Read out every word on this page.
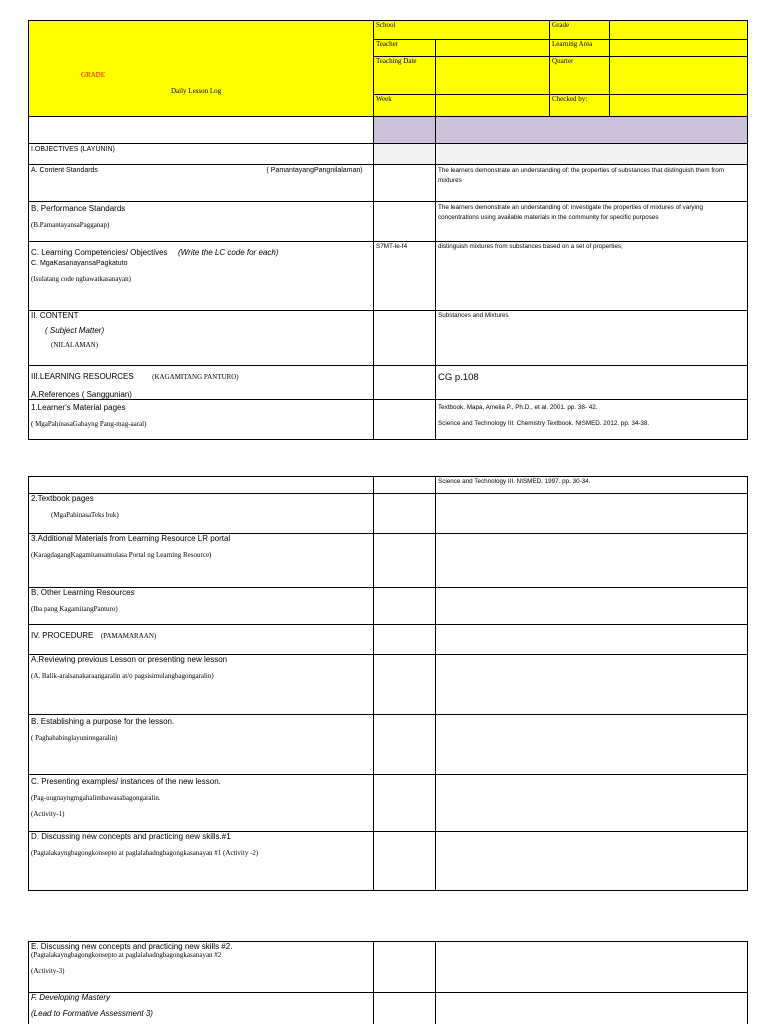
GRADE
Daily Lesson Log	School		Grade	
	Teacher		Learning Area	
	Teaching Date		Quarter	
	Week		Checked by:	

I.OBJECTIVES (LAYUNIN)				
A. Content Standards ( PamantayangPangnilalaman)		The learners demonstrate an understanding of: the properties of substances that distinguish them from mixtures		

B. Performance Standards
(B.PamantayansaPagganap)		The learners demonstrate an understanding of: investigate the properties of mixtures of varying concentrations using available materials in the community for specific purposes		
C. Learning Competencies/ Objectives (Write the LC code for each)
C. MgaKasanayansaPagkatuto
(Isulatang code ngbawatkasanayan)	S7MT-Ie-f4	distinguish mixtures from substances based on a set of properties;		

II. CONTENT
( Subject Matter)
(NILALAMAN)		Substances and Mixtures		
III.LEARNING RESOURCES (KAGAMITANG PANTURO)
A.References ( Sanggunian)		CG p.108		

1.Learner's Material pages
( MgaPahinasaGabayng Pang-mag-aaral)		Textbook. Mapa, Amelia P., Ph.D., et al. 2001. pp. 38- 42.
Science and Technology III: Chemistry Textbook. NISMED. 2012. pp. 34-38.		
		Science and Technology III. NISMED. 1997. pp. 30-34.

2.Textbook pages
(MgaPahinasaTeks buk)		

3.Additional Materials from Learning Resource LR portal
(KaragdagangKagamitansamulasa Portal ng Learning Resource)		

B. Other Learning Resources
(Iba pang KagamitangPanturo)		

IV. PROCEDURE (PAMAMARAAN)		

A.Reviewing previous Lesson or presenting new lesson
(A. Balik-aralsanakaraangaralin at/o pagsisimulangbagongaralin)		

B. Establishing a purpose for the lesson.
( Paghahabinglayuninngaralin)		

C. Presenting examples/ instances of the new lesson.
(Pag-uugnayngmgahalimbawasabagongaralin.
(Activity-1)		

D. Discussing new concepts and practicing new skills.#1
(Pagtalakayngbagongkonsepto at paglalahadngbagongkasanayan #1 (Activity -2)		

E. Discussing new concepts and practicing new skills #2.
(Pagtalakayngbagongkonsepto at paglalahadngbagongkasanayan #2
(Activity-3)		

F. Developing Mastery
(Lead to Formative Assessment 3)		
